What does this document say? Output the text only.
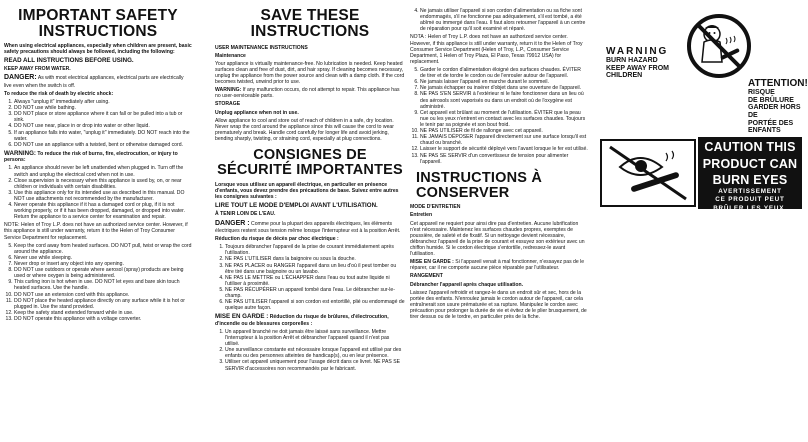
IMPORTANT SAFETY INSTRUCTIONS

When using electrical appliances, especially when children are present, basic safety precautions should always be followed, including the following:

READ ALL INSTRUCTIONS BEFORE USING.

KEEP AWAY FROM WATER.

DANGER: As with most electrical appliances, electrical parts are electrically live even when the switch is off.

To reduce the risk of death by electric shock:

1. Always "unplug it" immediately after using.
2. DO NOT use while bathing.
3. DO NOT place or store appliance where it can fall or be pulled into a tub or sink.
4. DO NOT use near, place in or drop into water or other liquid.
5. If an appliance falls into water, "unplug it" immediately. DO NOT reach into the water.
6. DO NOT use an appliance with a twisted, bent or otherwise damaged cord.

WARNING: To reduce the risk of burns, fire, electrocution, or injury to persons:

1. An appliance should never be left unattended when plugged in. Turn off the switch and unplug the electrical cord when not in use.
2. Close supervision is necessary when this appliance is used by, on, or near children or individuals with certain disabilities.
3. Use this appliance only for its intended use as described in this manual. DO NOT use attachments not recommended by the manufacturer.
4. Never operate this appliance if it has a damaged cord or plug, if it is not working properly, or if it has been dropped, damaged, or dropped into water. Return the appliance to a service center for examination and repair.

NOTE: Helen of Troy L.P. does not have an authorized service center. However, if this appliance is still under warranty, return it to the Helen of Troy Consumer Service Department for replacement.

5. Keep the cord away from heated surfaces. DO NOT pull, twist or wrap the cord around the appliance.
6. Never use while sleeping.
7. Never drop or insert any object into any opening.
8. DO NOT use outdoors or operate where aerosol (spray) products are being used or where oxygen is being administered.
9. This curling iron is hot when in use. DO NOT let eyes and bare skin touch heated surfaces. Use the handle.
10. DO NOT use an extension cord with this appliance.
11. DO NOT place the heated appliance directly on any surface while it is hot or plugged in. Use the stand provided.
12. Keep the safety stand extended forward while in use.
13. DO NOT operate this appliance with a voltage converter.
SAVE THESE INSTRUCTIONS

USER MAINTENANCE INSTRUCTIONS

Maintenance

Your appliance is virtually maintenance-free. No lubrication is needed. Keep heated surfaces clean and free of dust, dirt, and hair spray. If cleaning becomes necessary, unplug the appliance from the power source and clean with a damp cloth. If the cord becomes twisted, unwind prior to use.

WARNING: If any malfunction occurs, do not attempt to repair. This appliance has no user-serviceable parts.

STORAGE

Unplug appliance when not in use.

Allow appliance to cool and store out of reach of children in a safe, dry location. Never wrap the cord around the appliance since this will cause the cord to wear prematurely and break. Handle cord carefully for longer life and avoid jerking, bending sharply, twisting, or straining cord, especially at plug connections.

CONSIGNES DE SÉCURITÉ IMPORTANTES

Lorsque vous utilisez un appareil électrique, en particulier en présence d'enfants, vous devez prendre des précautions de base. Suivez entre autres les consignes suivantes :

LIRE TOUT LE MODE D'EMPLOI AVANT L'UTILISATION.

À TENIR LOIN DE L'EAU.

DANGER : Comme pour la plupart des appareils électriques, les éléments électriques restent sous tension même lorsque l'interrupteur est à la position Arrêt.

Réduction du risque de décès par choc électrique :

1. Toujours débrancher l'appareil de la prise de courant immédiatement après l'utilisation.
2. NE PAS L'UTILISER dans la baignoire ou sous la douche.
3. NE PAS PLACER ou RANGER l'appareil dans un lieu d'où il peut tomber ou être tiré dans une baignoire ou un lavabo.
4. NE PAS LE METTRE ou L'ÉCHAPPER dans l'eau ou tout autre liquide ni l'utiliser à proximité.
5. NE PAS RÉCUPÉRER un appareil tombé dans l'eau. Le débrancher sur-le-champ.
6. NE PAS UTILISER l'appareil si son cordon est entortillé, plié ou endommagé de quelque autre façon.

MISE EN GARDE : Réduction du risque de brûlures, d'électrocution, d'incendie ou de blessures corporelles :

1. Un appareil branché ne doit jamais être laissé sans surveillance. Mettre l'interrupteur à la position Arrêt et débrancher l'appareil quand il n'est pas utilisé.
2. Une surveillance constante est nécessaire lorsque l'appareil est utilisé par des enfants ou des personnes atteintes de handicap(s), ou en leur présence.
3. Utiliser cet appareil uniquement pour l'usage décrit dans ce livret. NE PAS SE SERVIR d'accessoires non recommandés par le fabricant.
4. Ne jamais utiliser l'appareil si son cordon d'alimentation ou sa fiche sont endommagés, s'il ne fonctionne pas adéquatement, s'il est tombé, a été abîmé ou immergé dans l'eau. Il faut alors retourner l'appareil à un centre de réparation pour qu'il soit examiné et réparé.

NOTA : Helen of Troy L.P. does not have an authorized service center. However, if this appliance is still under warranty, return it to the Helen of Troy Consumer Service Department (Helen of Troy, L.P., Consumer Service Department, 1 Helen of Troy Plaza, El Paso, Texas 79912 USA) for replacement.

5. Garder le cordon d'alimentation éloigné des surfaces chaudes. ÉVITER de tirer et de tordre le cordon ou de l'enrouler autour de l'appareil.
6. Ne jamais laisser l'appareil en marche durant le sommeil.
7. Ne jamais échapper ou insérer d'objet dans une ouverture de l'appareil.
8. NE PAS S'EN SERVIR à l'extérieur ni le faire fonctionner dans un lieu où des aérosols sont vaporisés ou dans un endroit où de l'oxygène est administré.
9. Cet appareil est brûlant au moment de l'utilisation. ÉVITER que la peau nue ou les yeux n'entrent en contact avec les surfaces chaudes. Toujours le tenir par sa poignée et son bout froid.
10. NE PAS UTILISER de fil de rallonge avec cet appareil.
11. NE JAMAIS DÉPOSER l'appareil directement sur une surface lorsqu'il est chaud ou branché.
12. Laisser le support de sécurité déployé vers l'avant lorsque le fer est utilisé.
13. NE PAS SE SERVIR d'un convertisseur de tension pour alimenter l'appareil.
INSTRUCTIONS À CONSERVER

MODE D'ENTRETIEN

Entretien

Cet appareil ne requiert pour ainsi dire pas d'entretien. Aucune lubrification n'est nécessaire. Maintenez les surfaces chaudes propres, exemptes de poussière, de saleté et de fixatif. Si un nettoyage devient nécessaire, débranchez l'appareil de la prise de courant et essuyez son extérieur avec un chiffon humide. Si le cordon électrique s'entortille, redressez-le avant l'utilisation.

MISE EN GARDE : Si l'appareil venait à mal fonctionner, n'essayez pas de le réparer, car il ne comporte aucune pièce réparable par l'utilisateur.

RANGEMENT

Débrancher l'appareil après chaque utilisation.

Laissez l'appareil refroidir et rangez-le dans un endroit sûr et sec, hors de la portée des enfants. N'enroulez jamais le cordon autour de l'appareil, car cela entraînerait son usure prématurée et sa rupture. Manipulez le cordon avec précaution pour prolonger la durée de vie et évitez de le plier brusquement, de tirer dessus ou de le tordre, en particulier près de la fiche.

WARNING
BURN HAZARD
KEEP AWAY FROM
CHILDREN
ATTENTION!
RISQUE
DE BRÛLURE
GARDER HORS DE
PORTÉE DES ENFANTS
CAUTION THIS
PRODUCT CAN
BURN EYES
AVERTISSEMENT
CE PRODUIT PEUT
BRÛLER LES YEUX.
